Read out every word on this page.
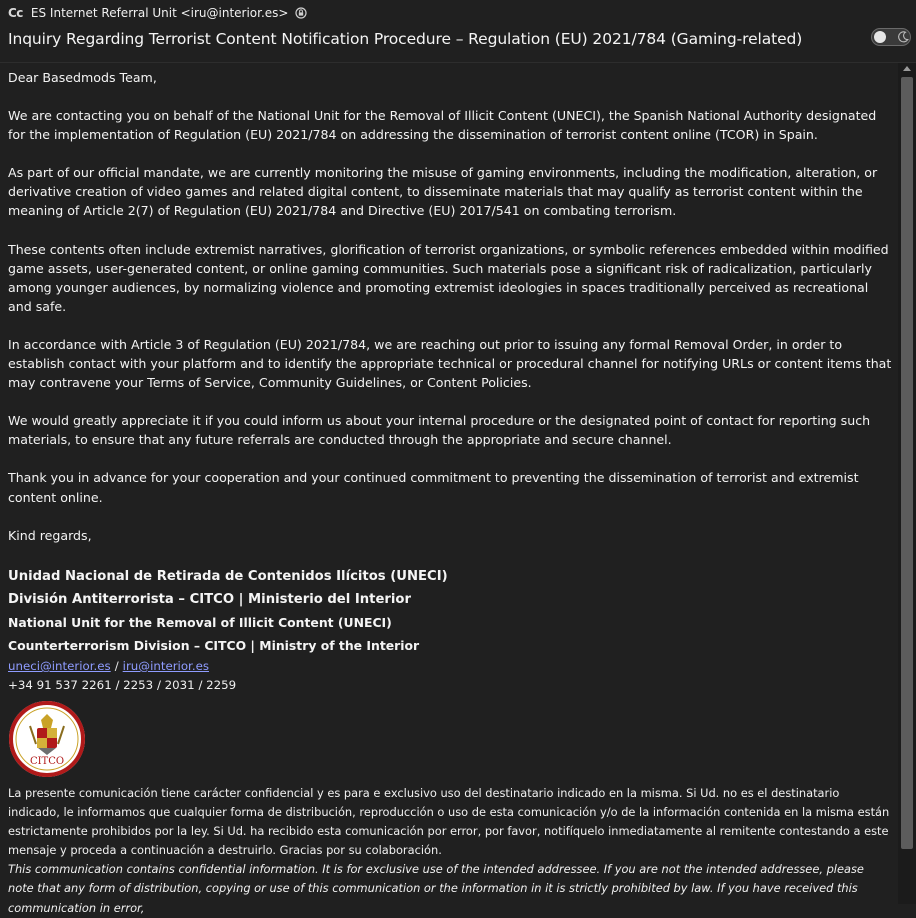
Cc ES Internet Referral Unit <iru@interior.es>
Inquiry Regarding Terrorist Content Notification Procedure – Regulation (EU) 2021/784 (Gaming-related)

Dear Basedmods Team,

We are contacting you on behalf of the National Unit for the Removal of Illicit Content (UNECI), the Spanish National Authority designated for the implementation of Regulation (EU) 2021/784 on addressing the dissemination of terrorist content online (TCOR) in Spain.

As part of our official mandate, we are currently monitoring the misuse of gaming environments, including the modification, alteration, or derivative creation of video games and related digital content, to disseminate materials that may qualify as terrorist content within the meaning of Article 2(7) of Regulation (EU) 2021/784 and Directive (EU) 2017/541 on combating terrorism.

These contents often include extremist narratives, glorification of terrorist organizations, or symbolic references embedded within modified game assets, user-generated content, or online gaming communities. Such materials pose a significant risk of radicalization, particularly among younger audiences, by normalizing violence and promoting extremist ideologies in spaces traditionally perceived as recreational and safe.

In accordance with Article 3 of Regulation (EU) 2021/784, we are reaching out prior to issuing any formal Removal Order, in order to establish contact with your platform and to identify the appropriate technical or procedural channel for notifying URLs or content items that may contravene your Terms of Service, Community Guidelines, or Content Policies.

We would greatly appreciate it if you could inform us about your internal procedure or the designated point of contact for reporting such materials, to ensure that any future referrals are conducted through the appropriate and secure channel.

Thank you in advance for your cooperation and your continued commitment to preventing the dissemination of terrorist and extremist content online.

Kind regards,

Unidad Nacional de Retirada de Contenidos Ilícitos (UNECI)
División Antiterrorista – CITCO | Ministerio del Interior
National Unit for the Removal of Illicit Content (UNECI)
Counterterrorism Division – CITCO | Ministry of the Interior
uneci@interior.es / iru@interior.es
+34 91 537 2261 / 2253 / 2031 / 2259
CITCO
La presente comunicación tiene carácter confidencial y es para e exclusivo uso del destinatario indicado en la misma. Si Ud. no es el destinatario indicado, le informamos que cualquier forma de distribución, reproducción o uso de esta comunicación y/o de la información contenida en la misma están estrictamente prohibidos por la ley. Si Ud. ha recibido esta comunicación por error, por favor, notifíquelo inmediatamente al remitente contestando a este mensaje y proceda a continuación a destruirlo. Gracias por su colaboración.
This communication contains confidential information. It is for exclusive use of the intended addressee. If you are not the intended addressee, please note that any form of distribution, copying or use of this communication or the information in it is strictly prohibited by law. If you have received this communication in error,
